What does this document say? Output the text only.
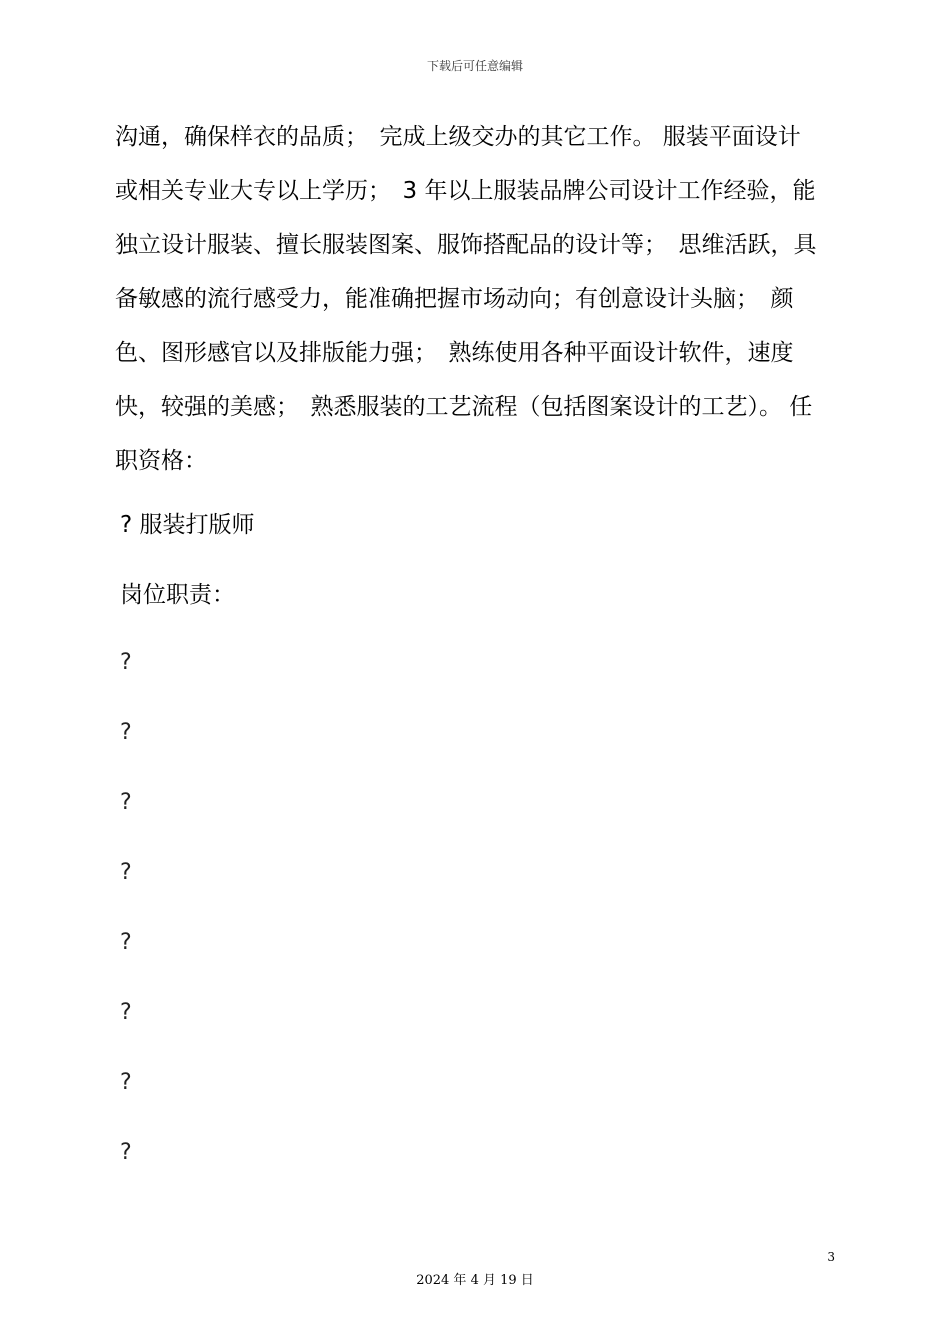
下载后可任意编辑
沟通，确保样衣的品质；　完成上级交办的其它工作。 服装平面设计
或相关专业大专以上学历；　3 年以上服装品牌公司设计工作经验，能
独立设计服装、擅长服装图案、服饰搭配品的设计等；　思维活跃，具
备敏感的流行感受力，能准确把握市场动向；有创意设计头脑；　颜
色、图形感官以及排版能力强；　熟练使用各种平面设计软件，速度
快，较强的美感；　熟悉服装的工艺流程（包括图案设计的工艺）。 任
职资格：
? 服装打版师
岗位职责：
?
?
?
?
?
?
?
?
3
2024 年 4 月 19 日
